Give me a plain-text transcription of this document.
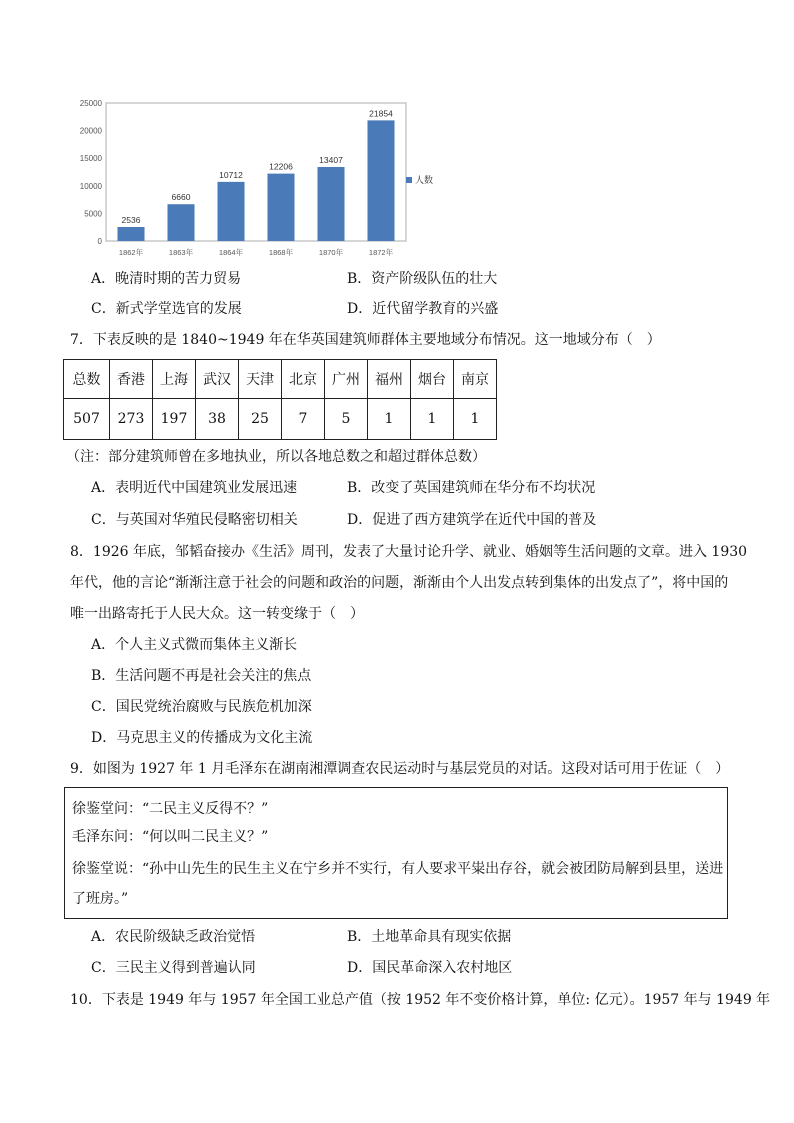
0
5000
10000
15000
20000
25000
2536
1862年
6660
1863年
10712
1864年
12206
1868年
13407
1870年
21854
1872年
人数
A．晚清时期的苦力贸易	B．资产阶级队伍的壮大
C．新式学堂选官的发展	D．近代留学教育的兴盛
7．下表反映的是 1840~1949 年在华英国建筑师群体主要地域分布情况。这一地域分布（　）
总数	香港	上海	武汉	天津	北京	广州	福州	烟台	南京
507	273	197	38	25	7	5	1	1	1
（注：部分建筑师曾在多地执业，所以各地总数之和超过群体总数）
A．表明近代中国建筑业发展迅速	B．改变了英国建筑师在华分布不均状况
C．与英国对华殖民侵略密切相关	D．促进了西方建筑学在近代中国的普及
8．1926 年底，邹韬奋接办《生活》周刊，发表了大量讨论升学、就业、婚姻等生活问题的文章。进入 1930
年代，他的言论“渐渐注意于社会的问题和政治的问题，渐渐由个人出发点转到集体的出发点了”，将中国的
唯一出路寄托于人民大众。这一转变缘于（　）
A．个人主义式微而集体主义渐长
B．生活问题不再是社会关注的焦点
C．国民党统治腐败与民族危机加深
D．马克思主义的传播成为文化主流
9．如图为 1927 年 1 月毛泽东在湖南湘潭调查农民运动时与基层党员的对话。这段对话可用于佐证（　）
徐鉴堂问：“二民主义反得不？”
毛泽东问：“何以叫二民主义？”
徐鉴堂说：“孙中山先生的民生主义在宁乡并不实行，有人要求平粜出存谷，就会被团防局解到县里，送进
了班房。”
A．农民阶级缺乏政治觉悟	B．土地革命具有现实依据
C．三民主义得到普遍认同	D．国民革命深入农村地区
10．下表是 1949 年与 1957 年全国工业总产值（按 1952 年不变价格计算，单位: 亿元）。1957 年与 1949 年
